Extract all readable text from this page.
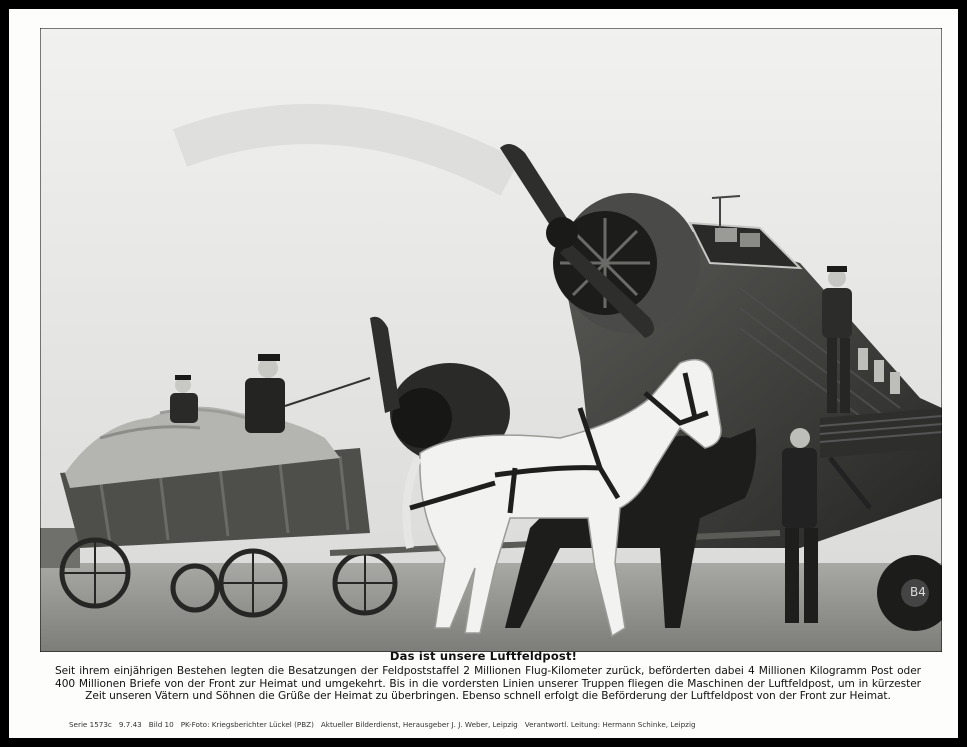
B4
Das ist unsere Luftfeldpost!
Seit ihrem einjährigen Bestehen legten die Besatzungen der Feldpoststaffel 2 Millionen Flug-Kilometer zurück, beförderten dabei 4 Millionen Kilogramm Post oder 400 Millionen Briefe von der Front zur Heimat und umgekehrt. Bis in die vordersten Linien unserer Truppen fliegen die Maschinen der Luftfeldpost, um in kürzester Zeit unseren Vätern und Söhnen die Grüße der Heimat zu überbringen. Ebenso schnell erfolgt die Beförderung der Luftfeldpost von der Front zur Heimat.
Serie 1573c 9.7.43 Bild 10 PK-Foto: Kriegsberichter Lückel (PBZ) Aktueller Bilderdienst, Herausgeber J. J. Weber, Leipzig Verantwortl. Leitung: Hermann Schinke, Leipzig
